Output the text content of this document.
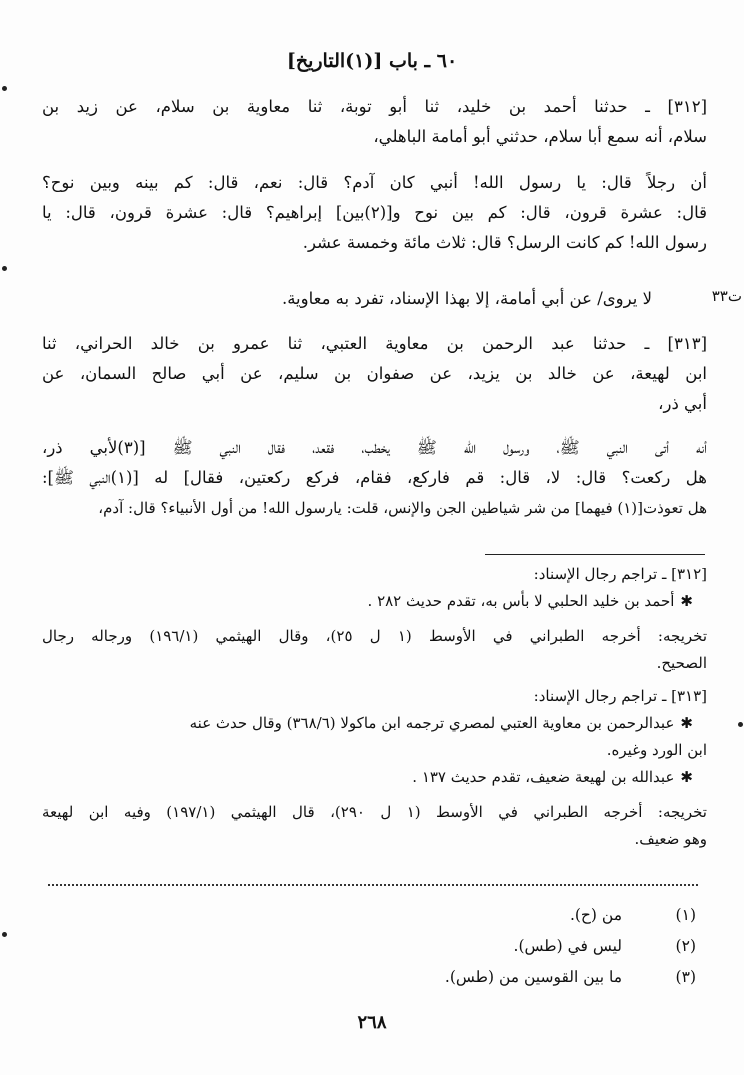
٦٠ ـ باب [(١)التاريخ]
[٣١٢] ـ حدثنا أحمد بن خليد، ثنا أبو توبة، ثنا معاوية بن سلام، عن زيد بن
سلام، أنه سمع أبا سلام، حدثني أبو أمامة الباهلي،
أن رجلاً قال: يا رسول الله! أنبي كان آدم؟ قال: نعم، قال: كم بينه وبين نوح؟
قال: عشرة قرون، قال: كم بين نوح و[(٢)بين] إبراهيم؟ قال: عشرة قرون، قال: يا
رسول الله! كم كانت الرسل؟ قال: ثلاث مائة وخمسة عشر.
ت٣٣
لا يروى/ عن أبي أمامة، إلا بهذا الإسناد، تفرد به معاوية.
[٣١٣] ـ حدثنا عبد الرحمن بن معاوية العتبي، ثنا عمرو بن خالد الحراني، ثنا
ابن لهيعة، عن خالد بن يزيد، عن صفوان بن سليم، عن أبي صالح السمان، عن
أبي ذر،
أنه أتى النبي ﷺ، ورسول الله ﷺ يخطب، فقعد، فقال النبي ﷺ [(٣)لأبي ذر،
هل ركعت؟ قال: لا، قال: قم فاركع، فقام، فركع ركعتين، فقال] له [(١)النبي ﷺ]:
هل تعوذت[(١) فيهما] من شر شياطين الجن والإنس، قلت: يارسول الله! من أول الأنبياء؟ قال: آدم،
[٣١٢] ـ تراجم رجال الإسناد:
✱أحمد بن خليد الحلبي لا بأس به، تقدم حديث ٢٨٢ .
تخريجه: أخرجه الطبراني في الأوسط (١ ل ٢٥)، وقال الهيثمي (١٩٦/١) ورجاله رجال
الصحيح.
[٣١٣] ـ تراجم رجال الإسناد:
✱عبدالرحمن بن معاوية العتبي لمصري ترجمه ابن ماكولا (٣٦٨/٦) وقال حدث عنه
ابن الورد وغيره.
✱عبدالله بن لهيعة ضعيف، تقدم حديث ١٣٧ .
تخريجه: أخرجه الطبراني في الأوسط (١ ل ٢٩٠)، قال الهيثمي (١٩٧/١) وفيه ابن لهيعة
وهو ضعيف.
(١)
من (ح).
(٢)
ليس في (طس).
(٣)
ما بين القوسين من (طس).
٢٦٨
